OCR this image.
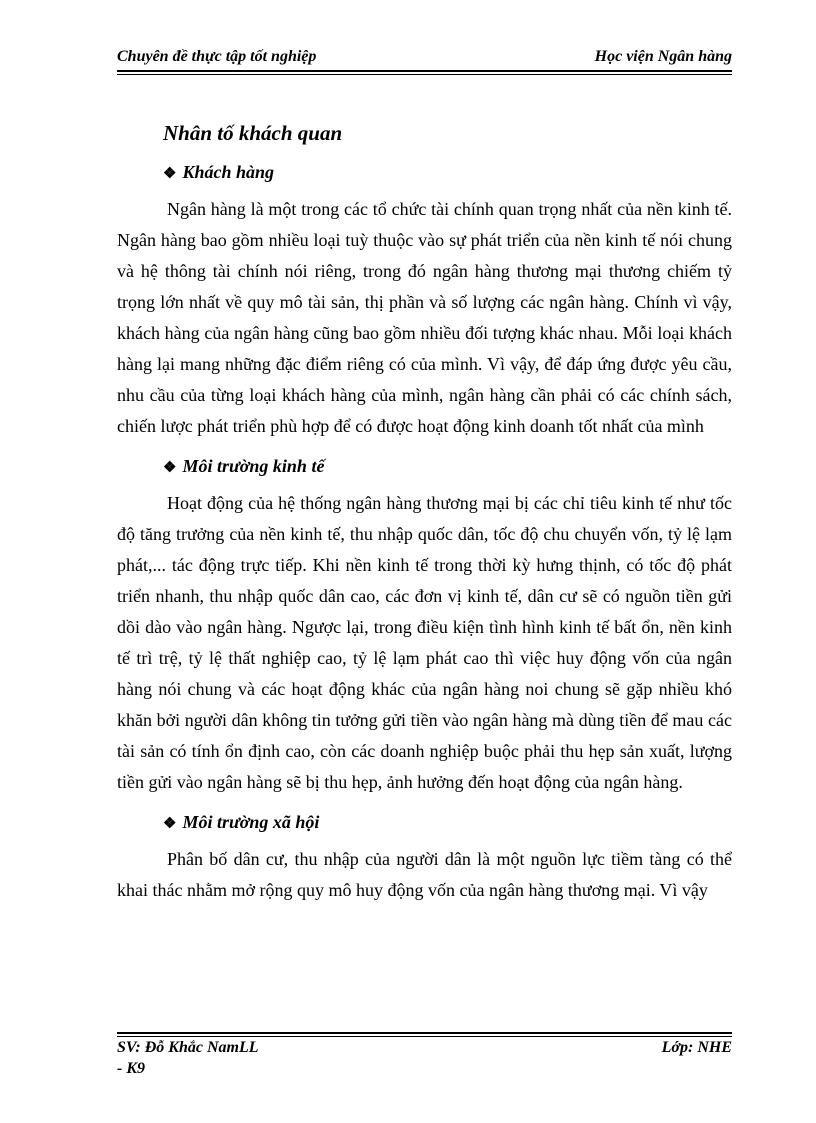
Chuyên đề thực tập tốt nghiệp	Học viện Ngân hàng
Nhân tố khách quan
❖ Khách hàng

Ngân hàng là một trong các tổ chức tài chính quan trọng nhất của nền kinh tế. Ngân hàng bao gồm nhiều loại tuỳ thuộc vào sự phát triển của nền kinh tế nói chung và hệ thông tài chính nói riêng, trong đó ngân hàng thương mại thương chiếm tỷ trọng lớn nhất về quy mô tài sản, thị phần và số lượng các ngân hàng. Chính vì vậy, khách hàng của ngân hàng cũng bao gồm nhiều đối tượng khác nhau. Mỗi loại khách hàng lại mang những đặc điểm riêng có của mình. Vì vậy, để đáp ứng được yêu cầu, nhu cầu của từng loại khách hàng của mình, ngân hàng cần phải có các chính sách, chiến lược phát triển phù hợp để có được hoạt động kinh doanh tốt nhất của mình

❖ Môi trường kinh tế

Hoạt động của hệ thống ngân hàng thương mại bị các chỉ tiêu kinh tế như tốc độ tăng trưởng của nền kinh tế, thu nhập quốc dân, tốc độ chu chuyển vốn, tỷ lệ lạm phát,... tác động trực tiếp. Khi nền kinh tế trong thời kỳ hưng thịnh, có tốc độ phát triển nhanh, thu nhập quốc dân cao, các đơn vị kinh tế, dân cư sẽ có nguồn tiền gửi dồi dào vào ngân hàng. Ngược lại, trong điều kiện tình hình kinh tế bất ổn, nền kinh tế trì trệ, tỷ lệ thất nghiệp cao, tỷ lệ lạm phát cao thì việc huy động vốn của ngân hàng nói chung và các hoạt động khác của ngân hàng noi chung sẽ gặp nhiều khó khăn bởi người dân không tin tưởng gửi tiền vào ngân hàng mà dùng tiền để mau các tài sản có tính ổn định cao, còn các doanh nghiệp buộc phải thu hẹp sản xuất, lượng tiền gửi vào ngân hàng sẽ bị thu hẹp, ảnh hưởng đến hoạt động của ngân hàng.

❖ Môi trường xã hội

Phân bố dân cư, thu nhập của người dân là một nguồn lực tiềm tàng có thể khai thác nhằm mở rộng quy mô huy động vốn của ngân hàng thương mại. Vì vậy

SV: Đỗ Khắc NamLL
- K9
Lớp: NHE
